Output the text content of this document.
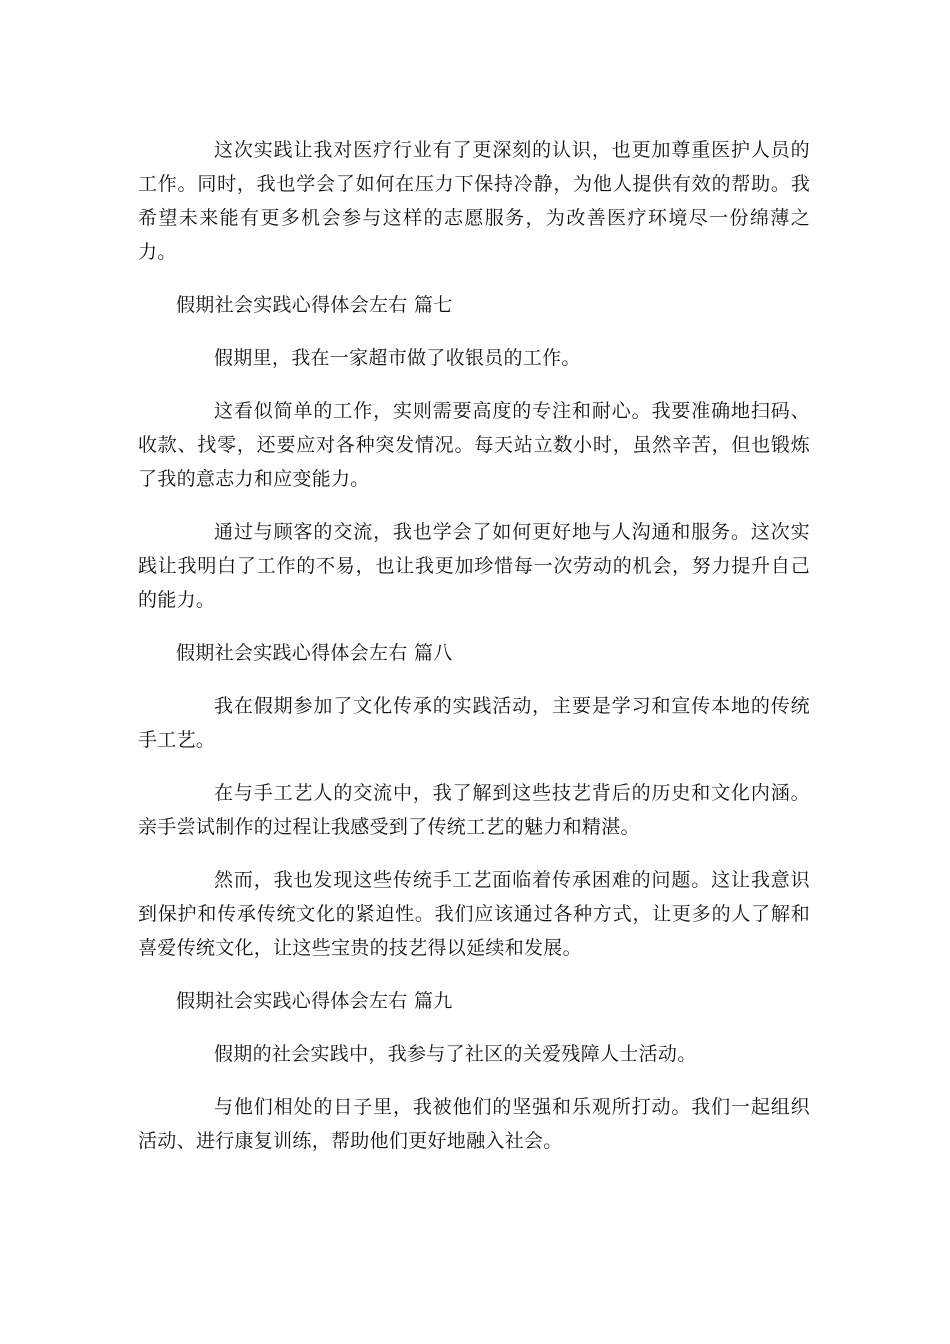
这次实践让我对医疗行业有了更深刻的认识，也更加尊重医护人员的工作。同时，我也学会了如何在压力下保持冷静，为他人提供有效的帮助。我希望未来能有更多机会参与这样的志愿服务，为改善医疗环境尽一份绵薄之力。

假期社会实践心得体会左右 篇七

假期里，我在一家超市做了收银员的工作。

这看似简单的工作，实则需要高度的专注和耐心。我要准确地扫码、收款、找零，还要应对各种突发情况。每天站立数小时，虽然辛苦，但也锻炼了我的意志力和应变能力。

通过与顾客的交流，我也学会了如何更好地与人沟通和服务。这次实践让我明白了工作的不易，也让我更加珍惜每一次劳动的机会，努力提升自己的能力。

假期社会实践心得体会左右 篇八

我在假期参加了文化传承的实践活动，主要是学习和宣传本地的传统手工艺。

在与手工艺人的交流中，我了解到这些技艺背后的历史和文化内涵。亲手尝试制作的过程让我感受到了传统工艺的魅力和精湛。

然而，我也发现这些传统手工艺面临着传承困难的问题。这让我意识到保护和传承传统文化的紧迫性。我们应该通过各种方式，让更多的人了解和喜爱传统文化，让这些宝贵的技艺得以延续和发展。

假期社会实践心得体会左右 篇九

假期的社会实践中，我参与了社区的关爱残障人士活动。

与他们相处的日子里，我被他们的坚强和乐观所打动。我们一起组织活动、进行康复训练，帮助他们更好地融入社会。
